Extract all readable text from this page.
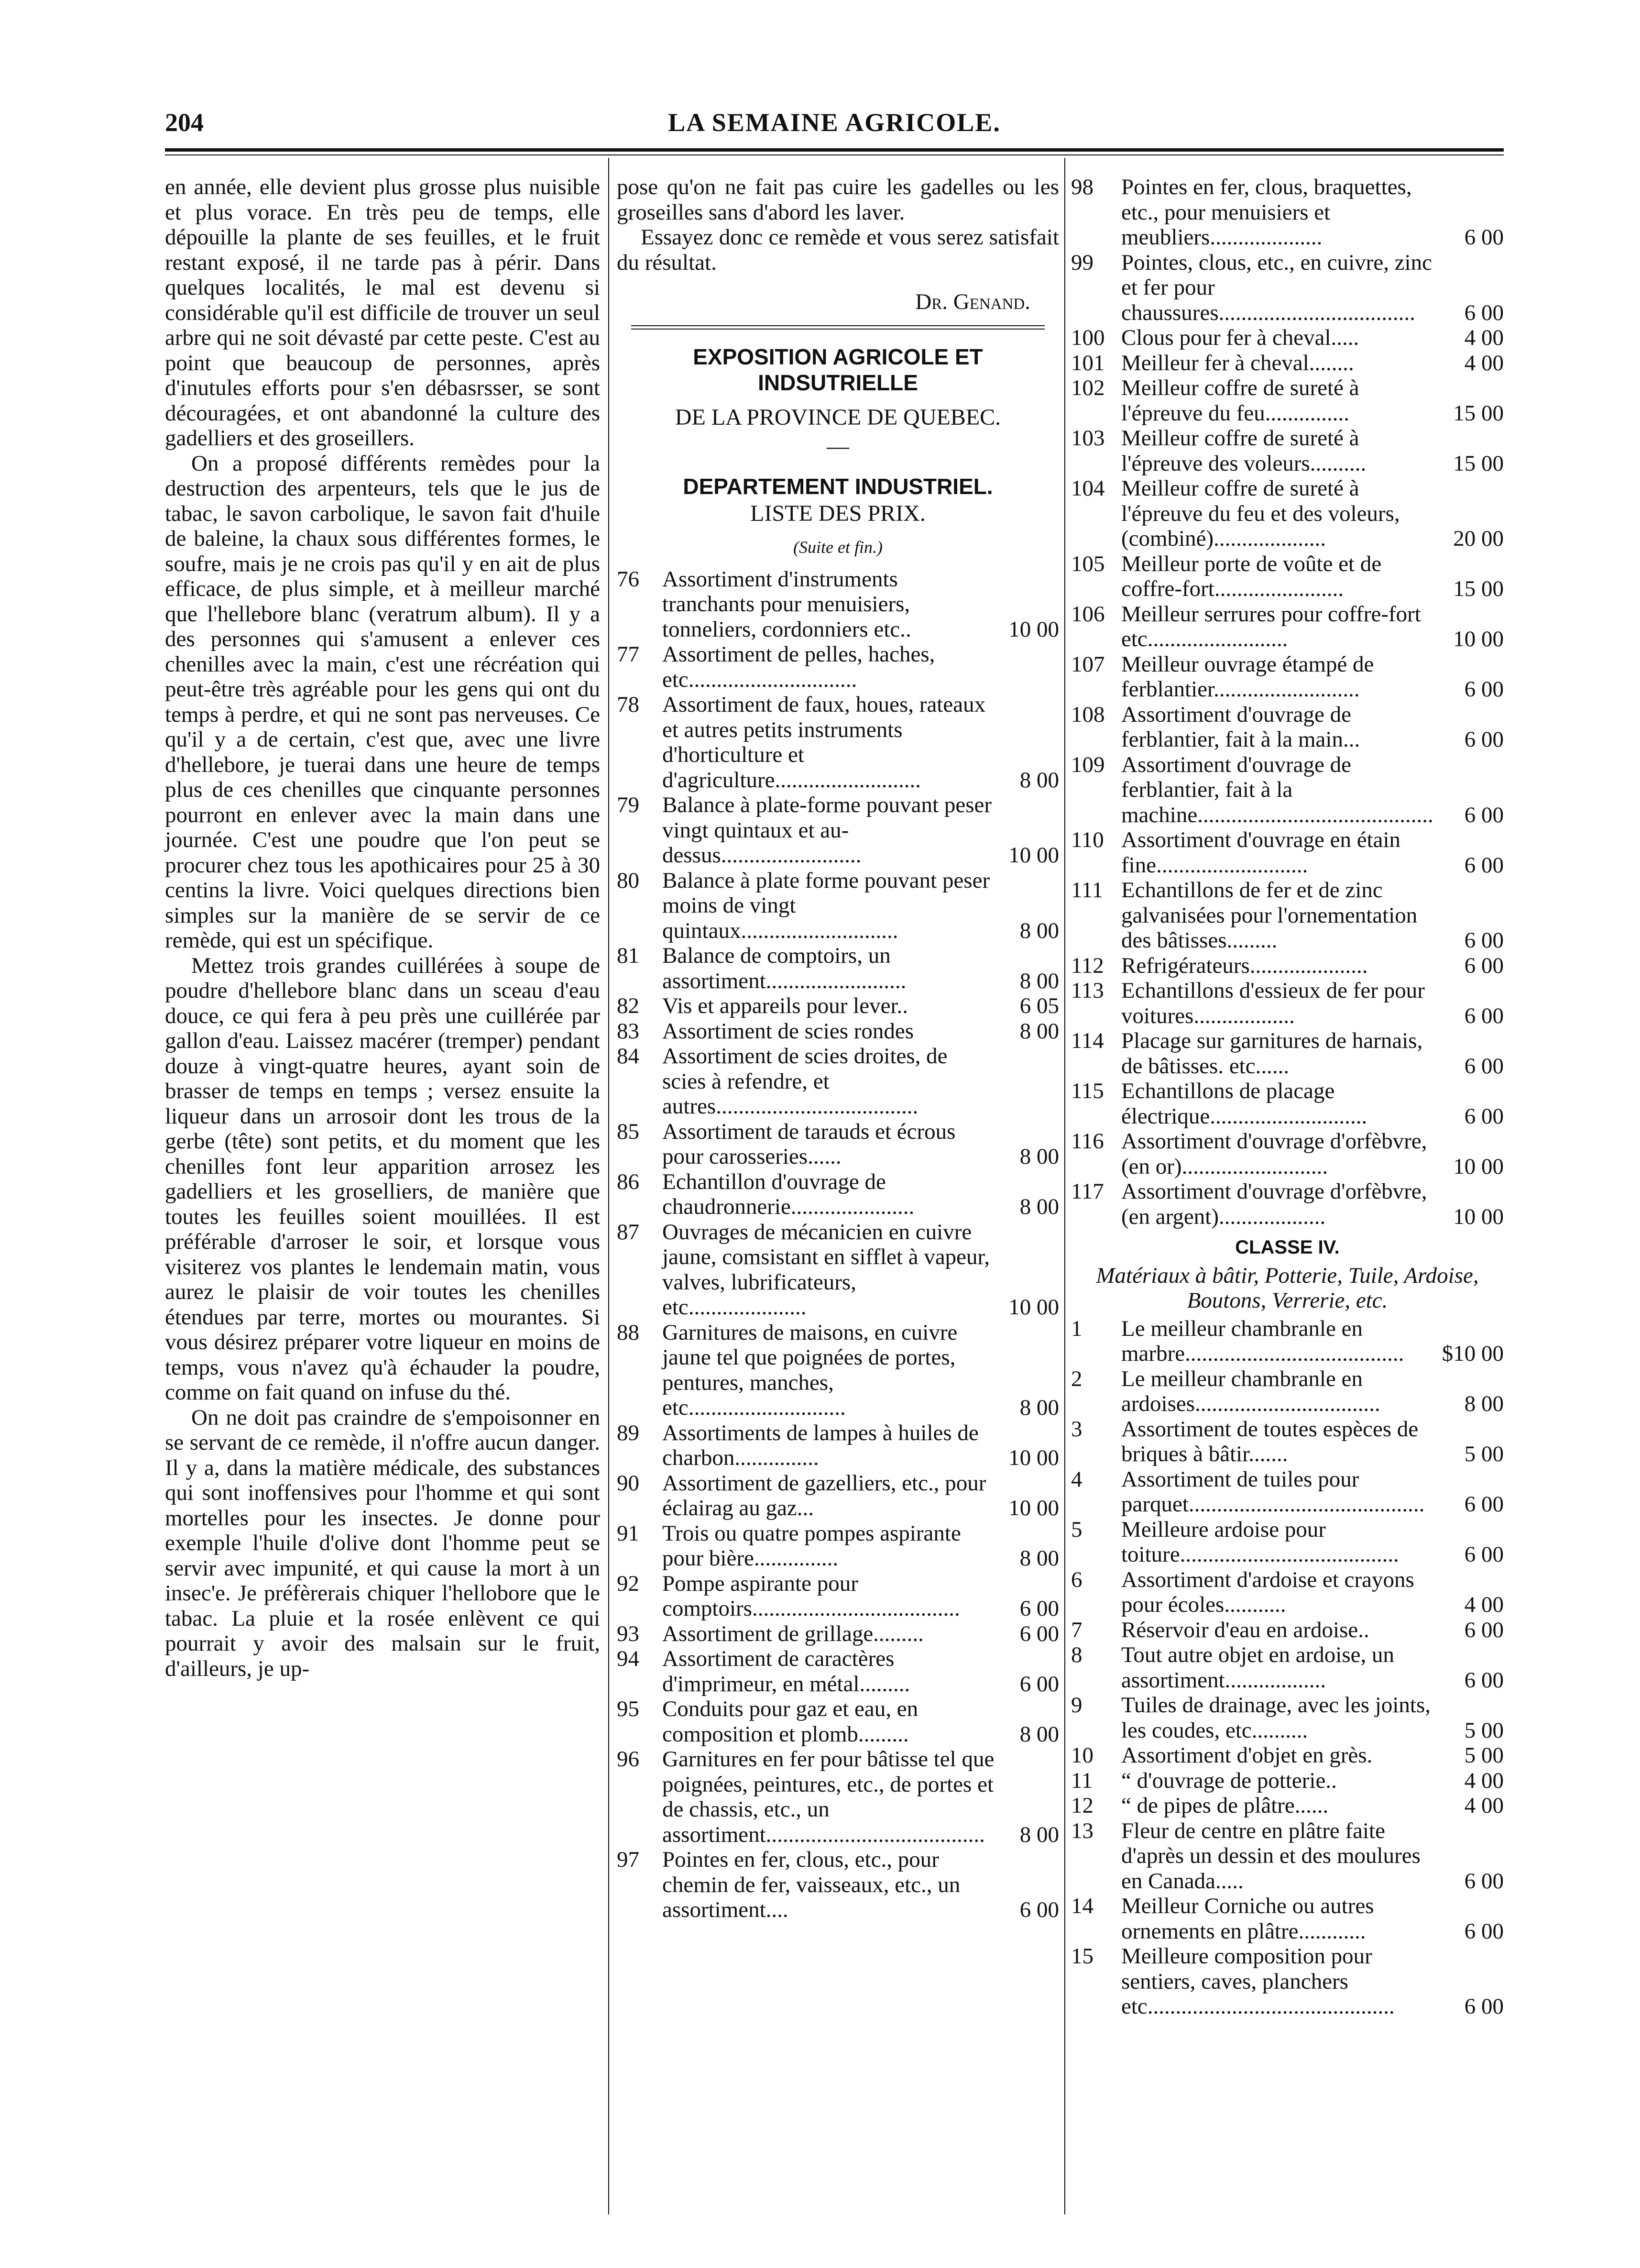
LA SEMAINE AGRICOLE.
204

en année, elle devient plus grosse plus nuisible et plus vorace. En très peu de temps, elle dépouille la plante de ses feuilles, et le fruit restant exposé, il ne tarde pas à périr. Dans quelques localités, le mal est devenu si considérable qu'il est difficile de trouver un seul arbre qui ne soit dévasté par cette peste. C'est au point que beaucoup de personnes, après d'inutules efforts pour s'en débasrsser, se sont découragées, et ont abandonné la culture des gadelliers et des groseillers.

On a proposé différents remèdes pour la destruction des arpenteurs, tels que le jus de tabac, le savon carbolique, le savon fait d'huile de baleine, la chaux sous différentes formes, le soufre, mais je ne crois pas qu'il y en ait de plus efficace, de plus simple, et à meilleur marché que l'hellebore blanc (veratrum album). Il y a des personnes qui s'amusent a enlever ces chenilles avec la main, c'est une récréation qui peut-être très agréable pour les gens qui ont du temps à perdre, et qui ne sont pas nerveuses. Ce qu'il y a de certain, c'est que, avec une livre d'hellebore, je tuerai dans une heure de temps plus de ces chenilles que cinquante personnes pourront en enlever avec la main dans une journée. C'est une poudre que l'on peut se procurer chez tous les apothicaires pour 25 à 30 centins la livre. Voici quelques directions bien simples sur la manière de se servir de ce remède, qui est un spécifique.

Mettez trois grandes cuillérées à soupe de poudre d'hellebore blanc dans un sceau d'eau douce, ce qui fera à peu près une cuillérée par gallon d'eau. Laissez macérer (tremper) pendant douze à vingt-quatre heures, ayant soin de brasser de temps en temps ; versez ensuite la liqueur dans un arrosoir dont les trous de la gerbe (tête) sont petits, et du moment que les chenilles font leur apparition arrosez les gadelliers et les groselliers, de manière que toutes les feuilles soient mouillées. Il est préférable d'arroser le soir, et lorsque vous visiterez vos plantes le lendemain matin, vous aurez le plaisir de voir toutes les chenilles étendues par terre, mortes ou mourantes. Si vous désirez préparer votre liqueur en moins de temps, vous n'avez qu'à échauder la poudre, comme on fait quand on infuse du thé.

On ne doit pas craindre de s'empoisonner en se servant de ce remède, il n'offre aucun danger. Il y a, dans la matière médicale, des substances qui sont inoffensives pour l'homme et qui sont mortelles pour les insectes. Je donne pour exemple l'huile d'olive dont l'homme peut se servir avec impunité, et qui cause la mort à un insec'e. Je préfèrerais chiquer l'hellobore que le tabac. La pluie et la rosée enlèvent ce qui pourrait y avoir des malsain sur le fruit, d'ailleurs, je up-

pose qu'on ne fait pas cuire les gadelles ou les groseilles sans d'abord les laver.

Essayez donc ce remède et vous serez satisfait du résultat.

Dr. Genand.
EXPOSITION AGRICOLE ET INDSUTRIELLE
DE LA PROVINCE DE QUEBEC.
—
DEPARTEMENT INDUSTRIEL.
LISTE DES PRIX.
(Suite et fin.)
76	Assortiment d'instruments tranchants pour menuisiers, tonneliers, cordonniers etc..	10 00
77	Assortiment de pelles, haches, etc..............................
78	Assortiment de faux, houes, rateaux et autres petits instruments d'horticulture et d'agriculture..........................	8 00
79	Balance à plate-forme pouvant peser vingt quintaux et au-dessus.........................	10 00
80	Balance à plate forme pouvant peser moins de vingt quintaux............................	8 00
81	Balance de comptoirs, un assortiment.........................	8 00
82	Vis et appareils pour lever..	6 05
83	Assortiment de scies rondes	8 00
84	Assortiment de scies droites, de scies à refendre, et autres....................................
85	Assortiment de tarauds et écrous pour carosseries......	8 00
86	Echantillon d'ouvrage de chaudronnerie......................	8 00
87	Ouvrages de mécanicien en cuivre jaune, comsistant en sifflet à vapeur, valves, lubrificateurs, etc.....................	10 00
88	Garnitures de maisons, en cuivre jaune tel que poignées de portes, pentures, manches, etc............................	8 00
89	Assortiments de lampes à huiles de charbon...............	10 00
90	Assortiment de gazelliers, etc., pour éclairag au gaz...	10 00
91	Trois ou quatre pompes aspirante pour bière...............	8 00
92	Pompe aspirante pour comptoirs.....................................	6 00
93	Assortiment de grillage.........	6 00
94	Assortiment de caractères d'imprimeur, en métal.........	6 00
95	Conduits pour gaz et eau, en composition et plomb.........	8 00
96	Garnitures en fer pour bâtisse tel que poignées, peintures, etc., de portes et de chassis, etc., un assortiment.......................................	8 00
97	Pointes en fer, clous, etc., pour chemin de fer, vaisseaux, etc., un assortiment....	6 00
98	Pointes en fer, clous, braquettes, etc., pour menuisiers et meubliers....................	6 00
99	Pointes, clous, etc., en cuivre, zinc et fer pour chaussures...................................	6 00
100 Clous pour fer à cheval.....	4 00
101 Meilleur fer à cheval........	4 00
102 Meilleur coffre de sureté à l'épreuve du feu...............	15 00
103 Meilleur coffre de sureté à l'épreuve des voleurs..........	15 00
104 Meilleur coffre de sureté à l'épreuve du feu et des voleurs, (combiné)....................	20 00
105 Meilleur porte de voûte et de coffre-fort.......................	15 00
106 Meilleur serrures pour coffre-fort etc.........................	10 00
107 Meilleur ouvrage étampé de ferblantier..........................	6 00
108 Assortiment d'ouvrage de ferblantier, fait à la main...	6 00
109 Assortiment d'ouvrage de ferblantier, fait à la machine..........................................	6 00
110 Assortiment d'ouvrage en étain fine...........................	6 00
111 Echantillons de fer et de zinc galvanisées pour l'ornementation des bâtisses.........	6 00
112 Refrigérateurs.....................	6 00
113 Echantillons d'essieux de fer pour voitures..................	6 00
114 Placage sur garnitures de harnais, de bâtisses. etc......	6 00
115 Echantillons de placage électrique............................	6 00
116 Assortiment d'ouvrage d'orfèbvre, (en or)..........................	10 00
117 Assortiment d'ouvrage d'orfèbvre, (en argent)...................	10 00
CLASSE IV.
Matériaux à bâtir, Potterie, Tuile, Ardoise, Boutons, Verrerie, etc.
1	Le meilleur chambranle en marbre.......................................	$10 00
2	Le meilleur chambranle en ardoises.................................	8 00
3	Assortiment de toutes espèces de briques à bâtir.......	5 00
4	Assortiment de tuiles pour parquet..........................................	6 00
5	Meilleure ardoise pour toiture.......................................	6 00
6	Assortiment d'ardoise et crayons pour écoles...........	4 00
7	Réservoir d'eau en ardoise..	6 00
8	Tout autre objet en ardoise, un assortiment..................	6 00
9	Tuiles de drainage, avec les joints, les coudes, etc..........	5 00
10	Assortiment d'objet en grès.	5 00
11	“ d'ouvrage de potterie..	4 00
12	“ de pipes de plâtre......	4 00
13	Fleur de centre en plâtre faite d'après un dessin et des moulures en Canada.....	6 00
14	Meilleur Corniche ou autres ornements en plâtre............	6 00
15	Meilleure composition pour sentiers, caves, planchers etc............................................	6 00
